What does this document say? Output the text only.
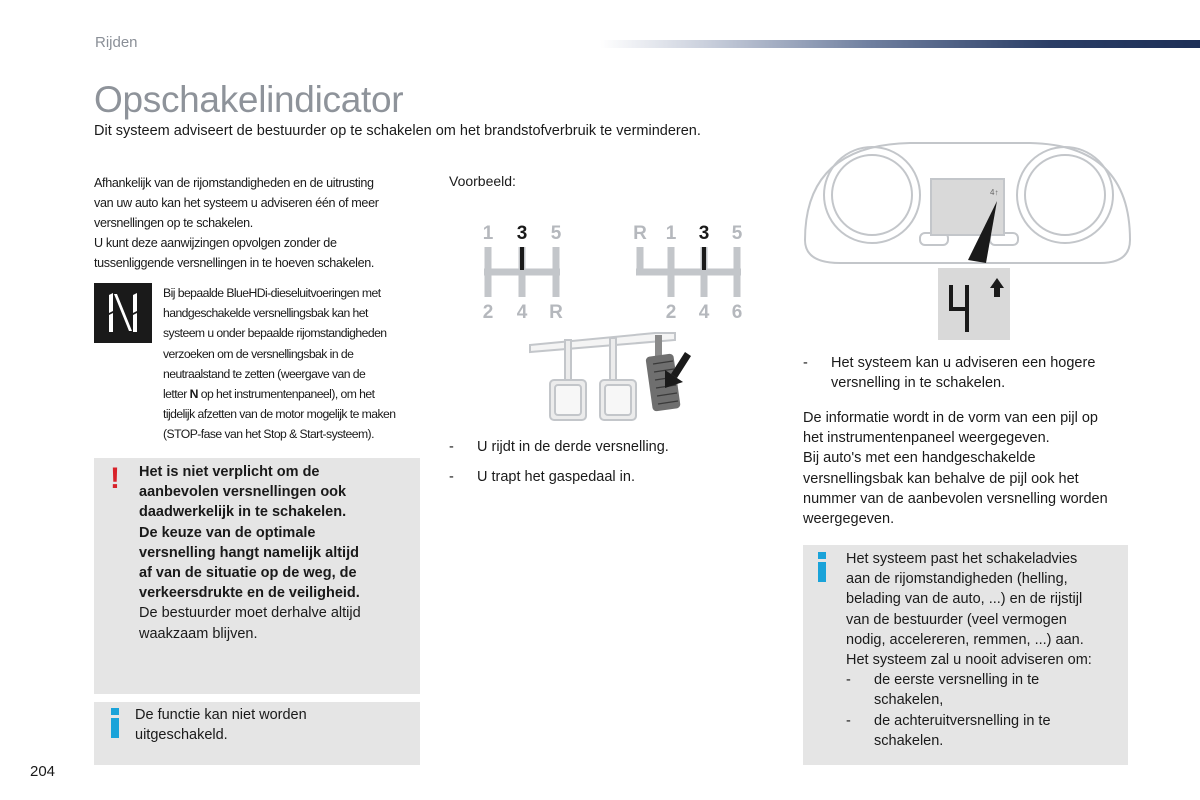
Rijden
Opschakelindicator
Dit systeem adviseert de bestuurder op te schakelen om het brandstofverbruik te verminderen.
Afhankelijk van de rijomstandigheden en de uitrusting
van uw auto kan het systeem u adviseren één of meer
versnellingen op te schakelen.
U kunt deze aanwijzingen opvolgen zonder de
tussenliggende versnellingen in te hoeven schakelen.
Bij bepaalde BlueHDi-dieseluitvoeringen met
handgeschakelde versnellingsbak kan het
systeem u onder bepaalde rijomstandigheden
verzoeken om de versnellingsbak in de
neutraalstand te zetten (weergave van de
letter N op het instrumentenpaneel), om het
tijdelijk afzetten van de motor mogelijk te maken
(STOP-fase van het Stop & Start-systeem).
! Het is niet verplicht om de
aanbevolen versnellingen ook
daadwerkelijk in te schakelen.
De keuze van de optimale
versnelling hangt namelijk altijd
af van de situatie op de weg, de
verkeersdrukte en de veiligheid.
De bestuurder moet derhalve altijd
waakzaam blijven.
De functie kan niet worden
uitgeschakeld.
Voorbeeld:
1 3 5
2 4 R
R 1 3 5
2 4 6
- U rijdt in de derde versnelling.
- U trapt het gaspedaal in.
4↑
- Het systeem kan u adviseren een hogere
versnelling in te schakelen.
De informatie wordt in de vorm van een pijl op
het instrumentenpaneel weergegeven.
Bij auto's met een handgeschakelde
versnellingsbak kan behalve de pijl ook het
nummer van de aanbevolen versnelling worden
weergegeven.
Het systeem past het schakeladvies
aan de rijomstandigheden (helling,
belading van de auto, ...) en de rijstijl
van de bestuurder (veel vermogen
nodig, accelereren, remmen, ...) aan.
Het systeem zal u nooit adviseren om:
- de eerste versnelling in te
schakelen,
- de achteruitversnelling in te
schakelen.
204
